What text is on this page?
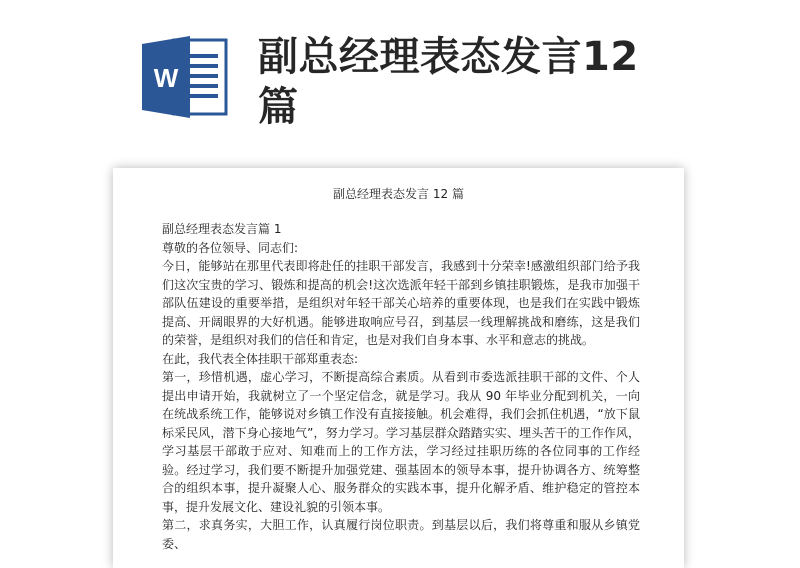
W 副总经理表态发言12篇
副总经理表态发言 12 篇

副总经理表态发言篇 1

尊敬的各位领导、同志们:

今日，能够站在那里代表即将赴任的挂职干部发言，我感到十分荣幸!感激组织部门给予我们这次宝贵的学习、锻炼和提高的机会!这次选派年轻干部到乡镇挂职锻炼，是我市加强干部队伍建设的重要举措，是组织对年轻干部关心培养的重要体现，也是我们在实践中锻炼提高、开阔眼界的大好机遇。能够进取响应号召，到基层一线理解挑战和磨练，这是我们的荣誉，是组织对我们的信任和肯定，也是对我们自身本事、水平和意志的挑战。

在此，我代表全体挂职干部郑重表态:

第一，珍惜机遇，虚心学习，不断提高综合素质。从看到市委选派挂职干部的文件、个人提出申请开始，我就树立了一个坚定信念，就是学习。我从 90 年毕业分配到机关，一向在统战系统工作，能够说对乡镇工作没有直接接触。机会难得，我们会抓住机遇，“放下鼠标采民风，潜下身心接地气”，努力学习。学习基层群众踏踏实实、埋头苦干的工作作风，学习基层干部敢于应对、知难而上的工作方法，学习经过挂职历练的各位同事的工作经验。经过学习，我们要不断提升加强党建、强基固本的领导本事，提升协调各方、统筹整合的组织本事，提升凝聚人心、服务群众的实践本事，提升化解矛盾、维护稳定的管控本事，提升发展文化、建设礼貌的引领本事。

第二，求真务实，大胆工作，认真履行岗位职责。到基层以后，我们将尊重和服从乡镇党委、
